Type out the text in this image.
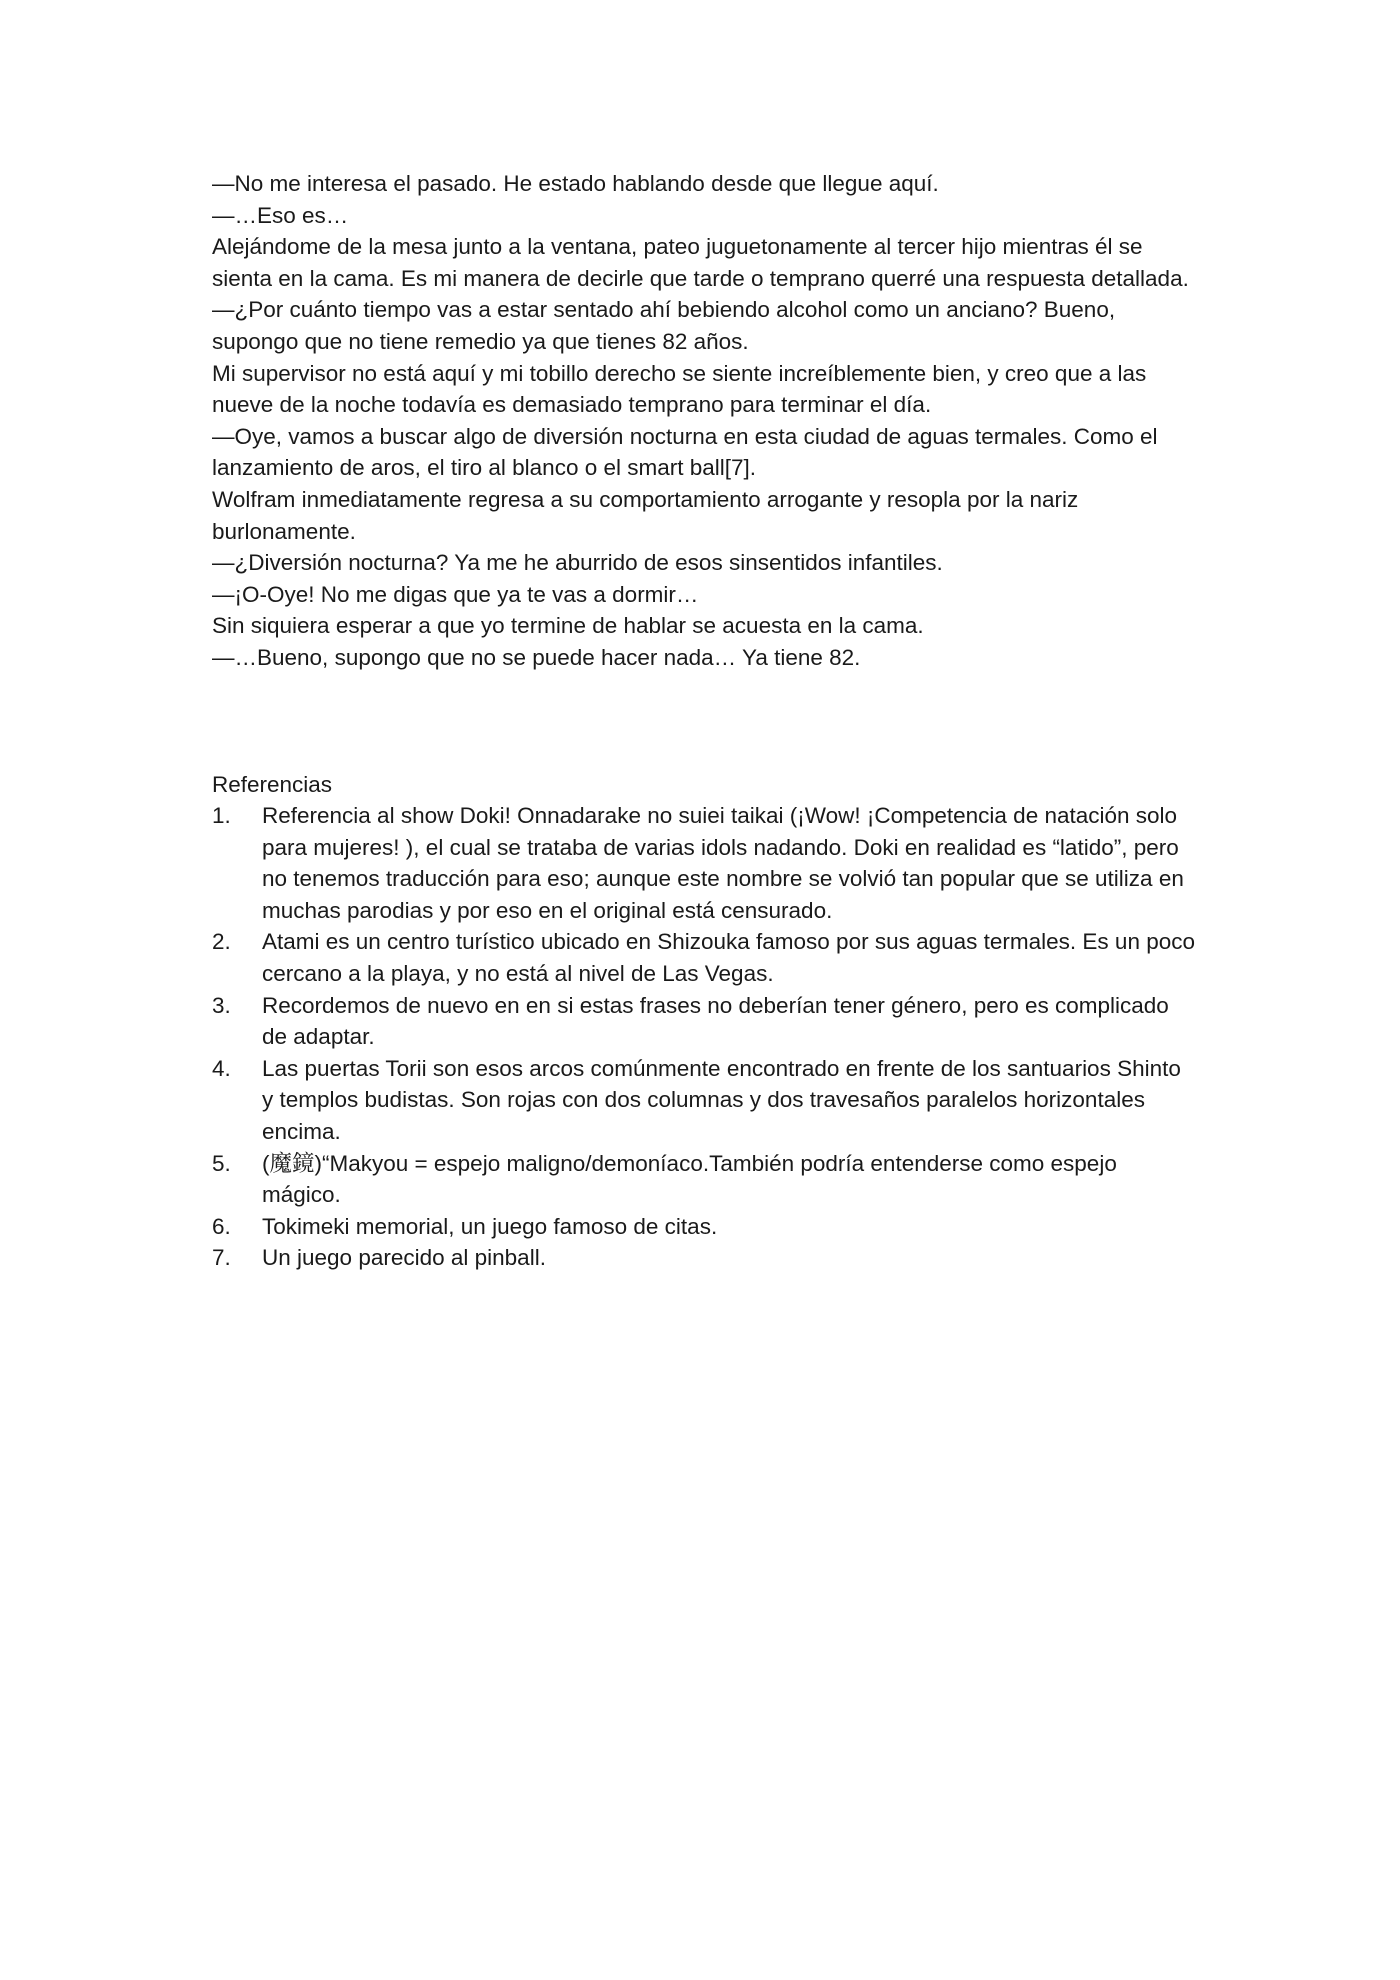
—No me interesa el pasado. He estado hablando desde que llegue aquí.

—…Eso es…

Alejándome de la mesa junto a la ventana, pateo juguetonamente al tercer hijo mientras él se sienta en la cama. Es mi manera de decirle que tarde o temprano querré una respuesta detallada.

—¿Por cuánto tiempo vas a estar sentado ahí bebiendo alcohol como un anciano? Bueno, supongo que no tiene remedio ya que tienes 82 años.

Mi supervisor no está aquí y mi tobillo derecho se siente increíblemente bien, y creo que a las nueve de la noche todavía es demasiado temprano para terminar el día.

—Oye, vamos a buscar algo de diversión nocturna en esta ciudad de aguas termales. Como el lanzamiento de aros, el tiro al blanco o el smart ball[7].

Wolfram inmediatamente regresa a su comportamiento arrogante y resopla por la nariz burlonamente.

—¿Diversión nocturna? Ya me he aburrido de esos sinsentidos infantiles.

—¡O-Oye! No me digas que ya te vas a dormir…

Sin siquiera esperar a que yo termine de hablar se acuesta en la cama.

—…Bueno, supongo que no se puede hacer nada… Ya tiene 82.

Referencias

1.	Referencia al show Doki! Onnadarake no suiei taikai (¡Wow! ¡Competencia de natación solo para mujeres! ), el cual se trataba de varias idols nadando. Doki en realidad es “latido”, pero no tenemos traducción para eso; aunque este nombre se volvió tan popular que se utiliza en muchas parodias y por eso en el original está censurado.
2.	Atami es un centro turístico ubicado en Shizouka famoso por sus aguas termales. Es un poco cercano a la playa, y no está al nivel de Las Vegas.
3.	Recordemos de nuevo en en si estas frases no deberían tener género, pero es complicado de adaptar.
4.	Las puertas Torii son esos arcos comúnmente encontrado en frente de los santuarios Shinto y templos budistas. Son rojas con dos columnas y dos travesaños paralelos horizontales encima.
5.	(魔鏡)“Makyou = espejo maligno/demoníaco.También podría entenderse como espejo mágico.
6.	Tokimeki memorial, un juego famoso de citas.
7.	Un juego parecido al pinball.
